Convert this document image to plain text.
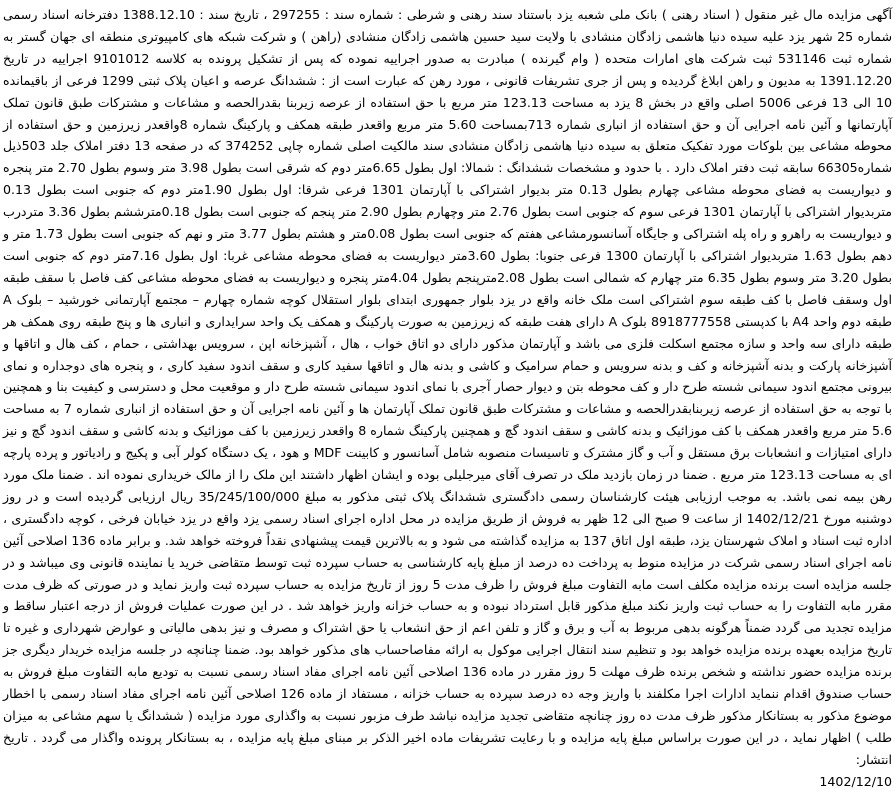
آگهی مزایده مال غیر منقول ( اسناد رهنی ) بانک ملی شعبه یزد باستناد سند رهنی و شرطی : شماره سند : 297255 ، تاریخ سند : 1388.12.10 دفترخانه اسناد رسمی شماره 25 شهر یزد علیه سیده دنیا هاشمی زادگان منشادی با ولایت سید حسین هاشمی زادگان منشادی (راهن ) و شرکت شبکه های کامپیوتری منطقه ای جهان گستر به شماره ثبت 531146 ثبت شرکت های امارات متحده ( وام گیرنده ) مبادرت به صدور اجراییه نموده که پس از تشکیل پرونده به کلاسه 9101012 اجراییه در تاریخ 1391.12.20 به مدیون و راهن ابلاغ گردیده و پس از جری تشریفات قانونی ، مورد رهن که عبارت است از : ششدانگ عرصه و اعیان پلاک ثبتی 1299 فرعی از باقیمانده 10 الی 13 فرعی 5006 اصلی واقع در بخش 8 یزد به مساحت 123.13 متر مربع با حق استفاده از عرصه زیربنا بقدرالحصه و مشاعات و مشترکات طبق قانون تملک آپارتمانها و آئین نامه اجرایی آن و حق استفاده از انباری شماره 713بمساحت 5.60 متر مربع واقعدر طبقه همکف و پارکینگ شماره 8واقعدر زیرزمین و حق استفاده از محوطه مشاعی بین بلوکات مورد تفکیک متعلق به سیده دنیا هاشمی زادگان منشادی سند مالکیت اصلی شماره چاپی 374252 که در صفحه 13 دفتر املاک جلد 503ذیل شماره66305 سابقه ثبت دفتر املاک دارد . با حدود و مشخصات ششدانگ : شمالا: اول بطول 6.65متر دوم که شرقی است بطول 3.98 متر وسوم بطول 2.70 متر پنجره و دیواریست به فضای محوطه مشاعی چهارم بطول 0.13 متر بدیوار اشتراکی با آپارتمان 1301 فرعی شرقا: اول بطول 1.90متر دوم که جنوبی است بطول 0.13 متربدیوار اشتراکی با آپارتمان 1301 فرعی سوم که جنوبی است بطول 2.76 متر وچهارم بطول 2.90 متر پنجم که جنوبی است بطول 0.18مترششم بطول 3.36 متردرب و دیواریست به راهرو و راه پله اشتراکی و جایگاه آسانسورمشاعی هفتم که جنوبی است بطول 0.08متر و هشتم بطول 3.77 متر و نهم که جنوبی است بطول 1.73 متر و دهم بطول 1.63 متربدیوار اشتراکی با آپارتمان 1300 فرعی جنوبا: بطول 3.60متر دیواریست به فضای محوطه مشاعی غربا: اول بطول 7.16متر دوم که جنوبی است بطول 3.20 متر وسوم بطول 6.35 متر چهارم که شمالی است بطول 2.08مترپنجم بطول 4.04متر پنجره و دیواریست به فضای محوطه مشاعی کف فاصل با سقف طبقه اول وسقف فاصل با کف طبقه سوم اشتراکی است ملک خانه واقع در یزد بلوار جمهوری ابتدای بلوار استقلال کوچه شماره چهارم – مجتمع آپارتمانی خورشید – بلوک A طبقه دوم واحد A4 با کدپستی 8918777558 بلوک A دارای هفت طبقه که زیرزمین به صورت پارکینگ و همکف یک واحد سرایداری و انباری ها و پنج طبقه روی همکف هر طبقه دارای سه واحد و سازه مجتمع اسکلت فلزی می باشد و آپارتمان مذکور دارای دو اتاق خواب ، هال ، آشپزخانه اپن ، سرویس بهداشتی ، حمام ، کف هال و اتاقها و آشپزخانه پارکت و بدنه آشپزخانه و کف و بدنه سرویس و حمام سرامیک و کاشی و بدنه هال و اتاقها سفید کاری و سقف اندود سفید کاری ، و پنجره های دوجداره و نمای بیرونی مجتمع اندود سیمانی شسته طرح دار و کف محوطه بتن و دیوار حصار آجری با نمای اندود سیمانی شسته طرح دار و موقعیت محل و دسترسی و کیفیت بنا و همچنین با توجه به حق استفاده از عرصه زیربنابقدرالحصه و مشاعات و مشترکات طبق قانون تملک آپارتمان ها و آئین نامه اجرایی آن و حق استفاده از انباری شماره 7 به مساحت 5.6 متر مربع واقعدر همکف با کف موزائیک و بدنه کاشی و سقف اندود گچ و همچنین پارکینگ شماره 8 واقعدر زیرزمین با کف موزائیک و بدنه کاشی و سقف اندود گچ و نیز دارای امتیازات و انشعابات برق مستقل و آب و گاز مشترک و تاسیسات منصوبه شامل آسانسور و کابینت MDF و هود ، یک دستگاه کولر آبی و پکیج و رادیاتور و پرده پارچه ای به مساحت 123.13 متر مربع . ضمنا در زمان بازدید ملک در تصرف آقای میرجلیلی بوده و ایشان اظهار داشتند این ملک را از مالک خریداری نموده اند . ضمنا ملک مورد رهن بیمه نمی باشد. به موجب ارزیابی هیئت کارشناسان رسمی دادگستری ششدانگ پلاک ثبتی مذکور به مبلغ 35/245/100/000 ریال ارزیابی گردیده است و در روز دوشنبه مورخ 1402/12/21 از ساعت 9 صبح الی 12 ظهر به فروش از طریق مزایده در محل اداره اجرای اسناد رسمی یزد واقع در یزد خیابان فرخی ، کوچه دادگستری ، اداره ثبت اسناد و املاک شهرستان یزد، طبقه اول اتاق 137 به مزایده گذاشته می شود و به بالاترین قیمت پیشنهادی نقداً فروخته خواهد شد. و برابر ماده 136 اصلاحی آئین نامه اجرای اسناد رسمی شرکت در مزایده منوط به پرداخت ده درصد از مبلغ پایه کارشناسی به حساب سپرده ثبت توسط متقاضی خرید یا نماینده قانونی وی میباشد و در جلسه مزایده است برنده مزایده مکلف است مابه التفاوت مبلغ فروش را ظرف مدت 5 روز از تاریخ مزایده به حساب سپرده ثبت واریز نماید و در صورتی که ظرف مدت مقرر مابه التفاوت را به حساب ثبت واریز نکند مبلغ مذکور قابل استرداد نبوده و به حساب خزانه واریز خواهد شد . در این صورت عملیات فروش از درجه اعتبار ساقط و مزایده تجدید می گردد ضمناً هرگونه بدهی مربوط به آب و برق و گاز و تلفن اعم از حق انشعاب یا حق اشتراک و مصرف و نیز بدهی مالیاتی و عوارض شهرداری و غیره تا تاریخ مزایده بعهده برنده مزایده خواهد بود و تنظیم سند انتقال اجرایی موکول به ارائه مفاصاحساب های مذکور خواهد بود. ضمنا چنانچه در جلسه مزایده خریدار دیگری جز برنده مزایده حضور نداشته و شخص برنده ظرف مهلت 5 روز مقرر در ماده 136 اصلاحی آئین نامه اجرای مفاد اسناد رسمی نسبت به تودیع مابه التفاوت مبلغ فروش به حساب صندوق اقدام ننماید ادارات اجرا مکلفند با واریز وجه ده درصد سپرده به حساب خزانه ، مستفاد از ماده 126 اصلاحی آئین نامه اجرای مفاد اسناد رسمی با اخطار موضوع مذکور به بستانکار مذکور ظرف مدت ده روز چنانچه متقاضی تجدید مزایده نباشد طرف مزبور نسبت به واگذاری مورد مزایده ( ششدانگ یا سهم مشاعی به میزان طلب ) اظهار نماید ، در این صورت براساس مبلغ پایه مزایده و با رعایت تشریفات ماده اخیر الذکر بر مبنای مبلغ پایه مزایده ، به بستانکار پرونده واگذار می گردد . تاریخ انتشار:

1402/12/10
